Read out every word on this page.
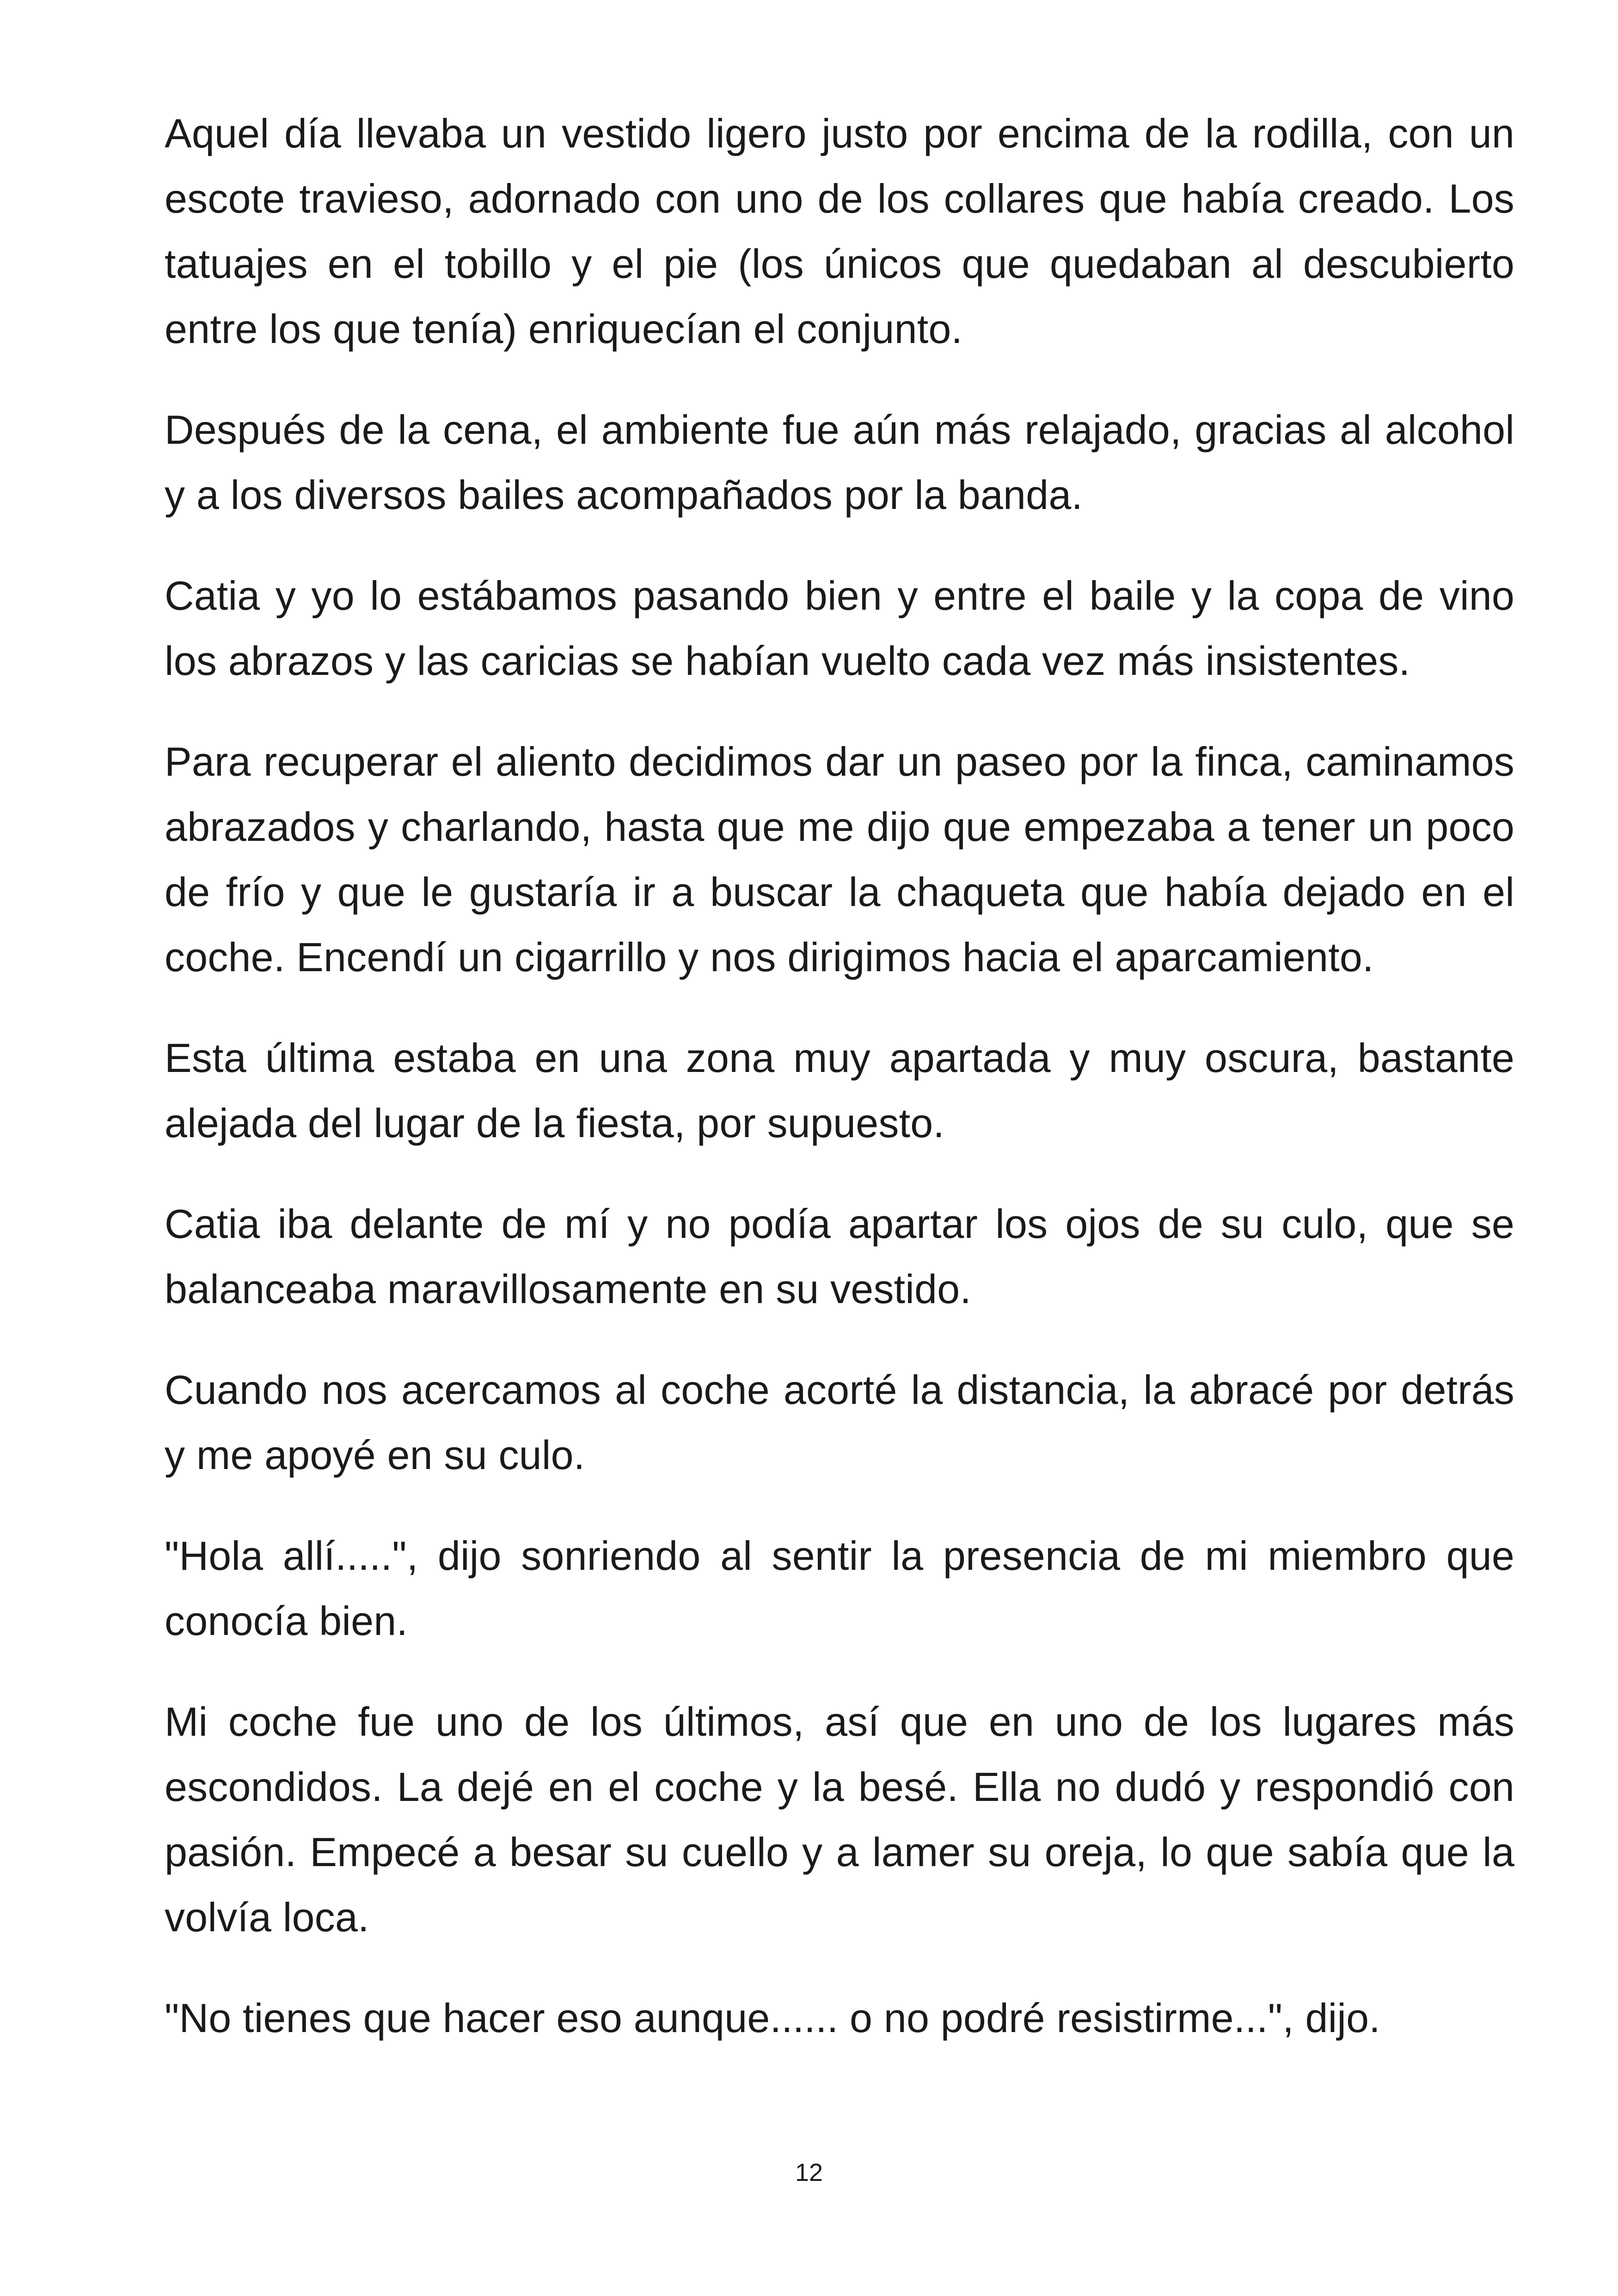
Aquel día llevaba un vestido ligero justo por encima de la rodilla, con un escote travieso, adornado con uno de los collares que había creado. Los tatuajes en el tobillo y el pie (los únicos que quedaban al descubierto entre los que tenía) enriquecían el conjunto.

Después de la cena, el ambiente fue aún más relajado, gracias al alcohol y a los diversos bailes acompañados por la banda.

Catia y yo lo estábamos pasando bien y entre el baile y la copa de vino los abrazos y las caricias se habían vuelto cada vez más insistentes.

Para recuperar el aliento decidimos dar un paseo por la finca, caminamos abrazados y charlando, hasta que me dijo que empezaba a tener un poco de frío y que le gustaría ir a buscar la chaqueta que había dejado en el coche. Encendí un cigarrillo y nos dirigimos hacia el aparcamiento.

Esta última estaba en una zona muy apartada y muy oscura, bastante alejada del lugar de la fiesta, por supuesto.

Catia iba delante de mí y no podía apartar los ojos de su culo, que se balanceaba maravillosamente en su vestido.

Cuando nos acercamos al coche acorté la distancia, la abracé por detrás y me apoyé en su culo.

"Hola allí.....", dijo sonriendo al sentir la presencia de mi miembro que conocía bien.

Mi coche fue uno de los últimos, así que en uno de los lugares más escondidos. La dejé en el coche y la besé. Ella no dudó y respondió con pasión. Empecé a besar su cuello y a lamer su oreja, lo que sabía que la volvía loca.

"No tienes que hacer eso aunque...... o no podré resistirme...", dijo.

12
